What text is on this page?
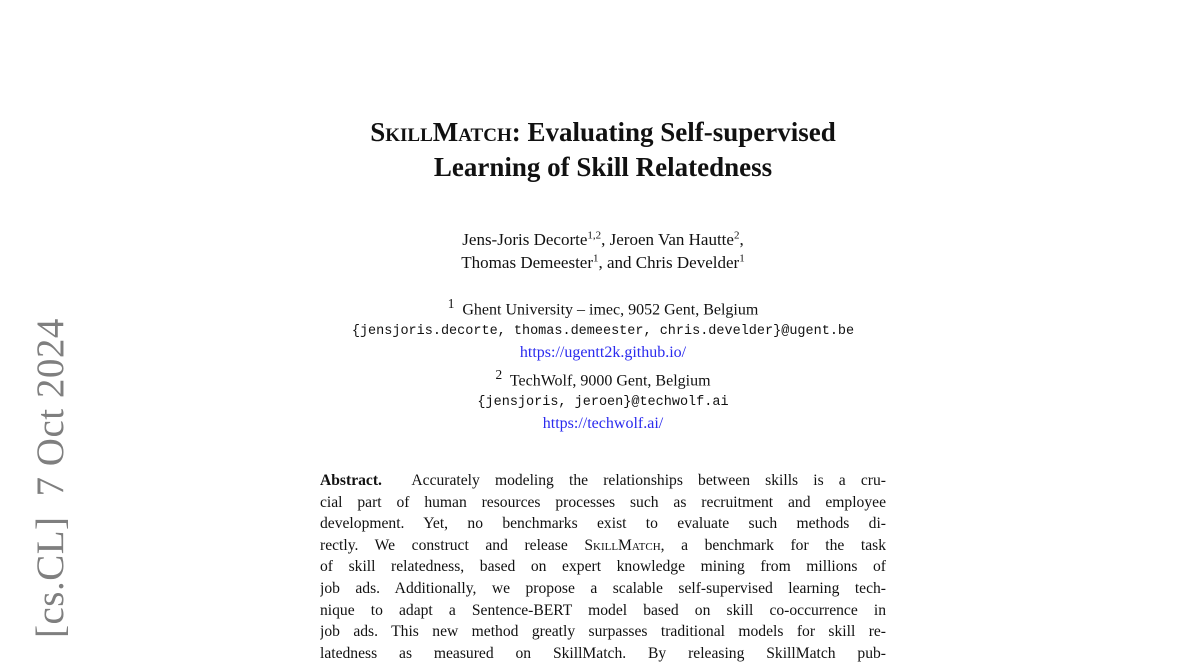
[cs.CL]
7 Oct 2024
SkillMatch: Evaluating Self-supervised
Learning of Skill Relatedness
Jens-Joris Decorte$^{1,2}$, Jeroen Van Hautte$^2$,
Thomas Demeester$^1$, and Chris Develder$^1$
$^1$ Ghent University – imec, 9052 Gent, Belgium
{jensjoris.decorte, thomas.demeester, chris.develder}@ugent.be
https://ugentt2k.github.io/
$^2$ TechWolf, 9000 Gent, Belgium
{jensjoris, jeroen}@techwolf.ai
https://techwolf.ai/
Abstract. Accurately modeling the relationships between skills is a cru-
cial part of human resources processes such as recruitment and employee
development. Yet, no benchmarks exist to evaluate such methods di-
rectly. We construct and release SkillMatch, a benchmark for the task
of skill relatedness, based on expert knowledge mining from millions of
job ads. Additionally, we propose a scalable self-supervised learning tech-
nique to adapt a Sentence-BERT model based on skill co-occurrence in
job ads. This new method greatly surpasses traditional models for skill re-
latedness as measured on SkillMatch. By releasing SkillMatch pub-
